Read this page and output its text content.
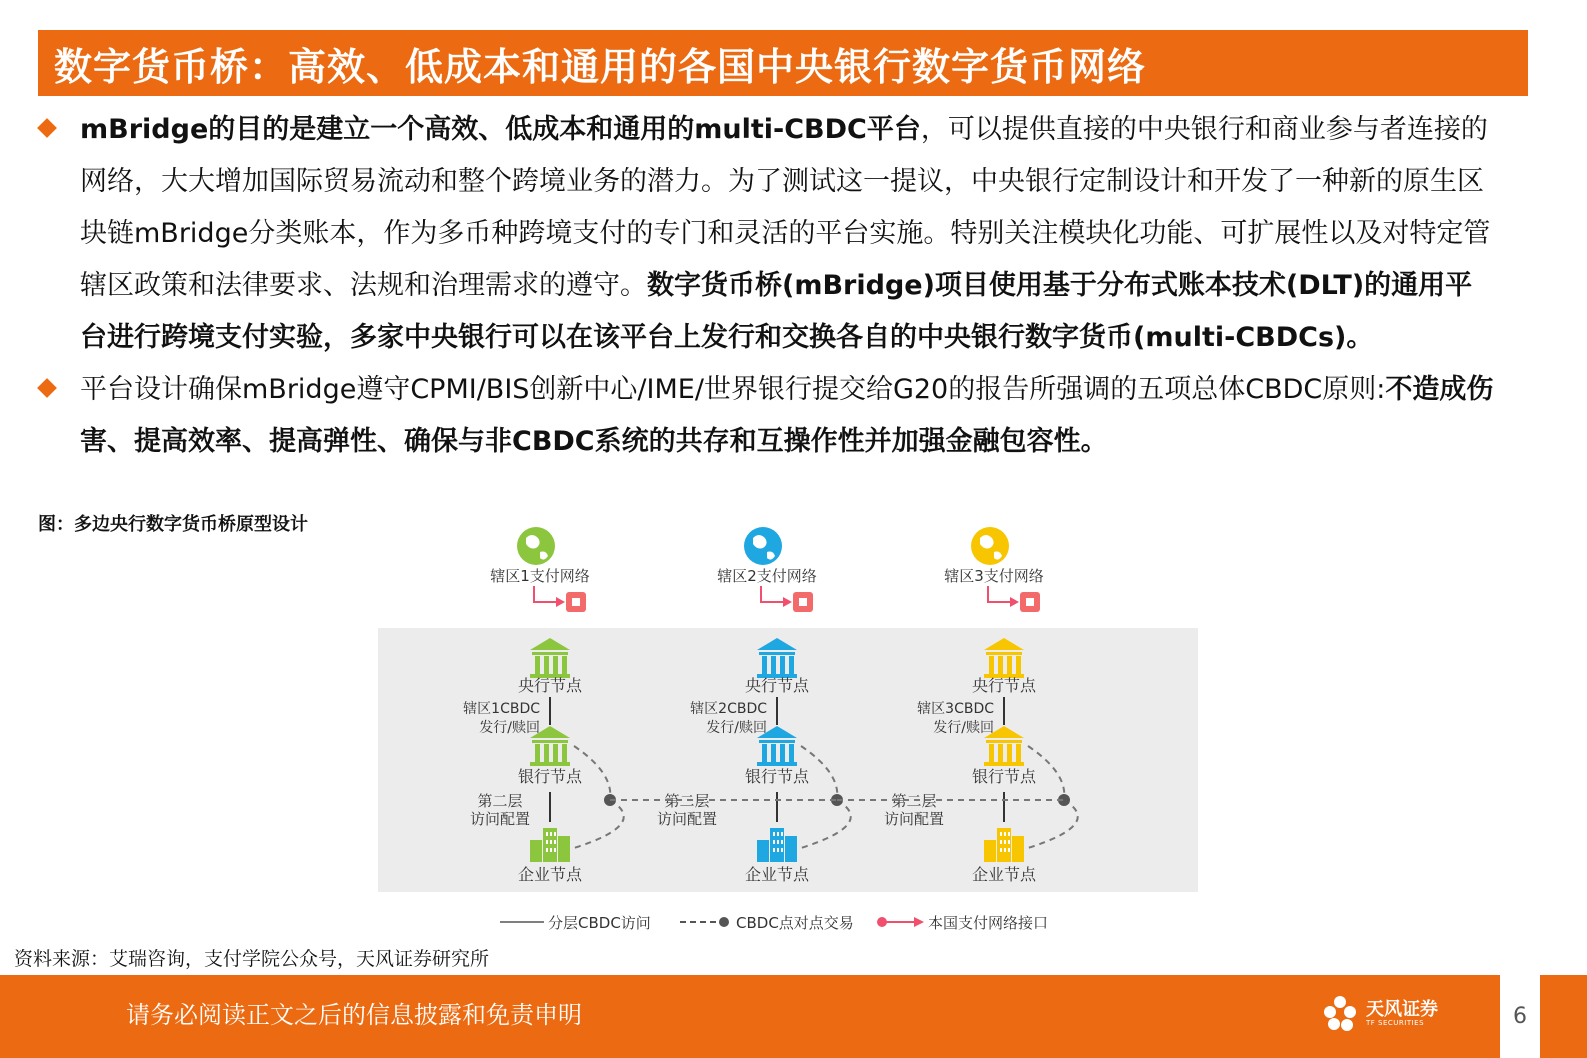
数字货币桥：高效、低成本和通用的各国中央银行数字货币网络
mBridge的目的是建立一个高效、低成本和通用的multi-CBDC平台，可以提供直接的中央银行和商业参与者连接的网络，大大增加国际贸易流动和整个跨境业务的潜力。为了测试这一提议，中央银行定制设计和开发了一种新的原生区块链mBridge分类账本，作为多币种跨境支付的专门和灵活的平台实施。特别关注模块化功能、可扩展性以及对特定管辖区政策和法律要求、法规和治理需求的遵守。数字货币桥(mBridge)项目使用基于分布式账本技术(DLT)的通用平台进行跨境支付实验，多家中央银行可以在该平台上发行和交换各自的中央银行数字货币(multi-CBDCs)。
平台设计确保mBridge遵守CPMI/BIS创新中心/IME/世界银行提交给G20的报告所强调的五项总体CBDC原则:不造成伤害、提高效率、提高弹性、确保与非CBDC系统的共存和互操作性并加强金融包容性。
图：多边央行数字货币桥原型设计
辖区1支付网络
央行节点
辖区1CBDC
发行/赎回
银行节点
企业节点
第二层
访问配置
辖区2支付网络
央行节点
辖区2CBDC
发行/赎回
银行节点
企业节点
第二层
访问配置
辖区3支付网络
央行节点
辖区3CBDC
发行/赎回
银行节点
企业节点
第二层
访问配置
分层CBDC访问	CBDC点对点交易	本国支付网络接口
资料来源：艾瑞咨询，支付学院公众号，天风证券研究所
请务必阅读正文之后的信息披露和免责申明	天风证券
TF SECURITIES	6
